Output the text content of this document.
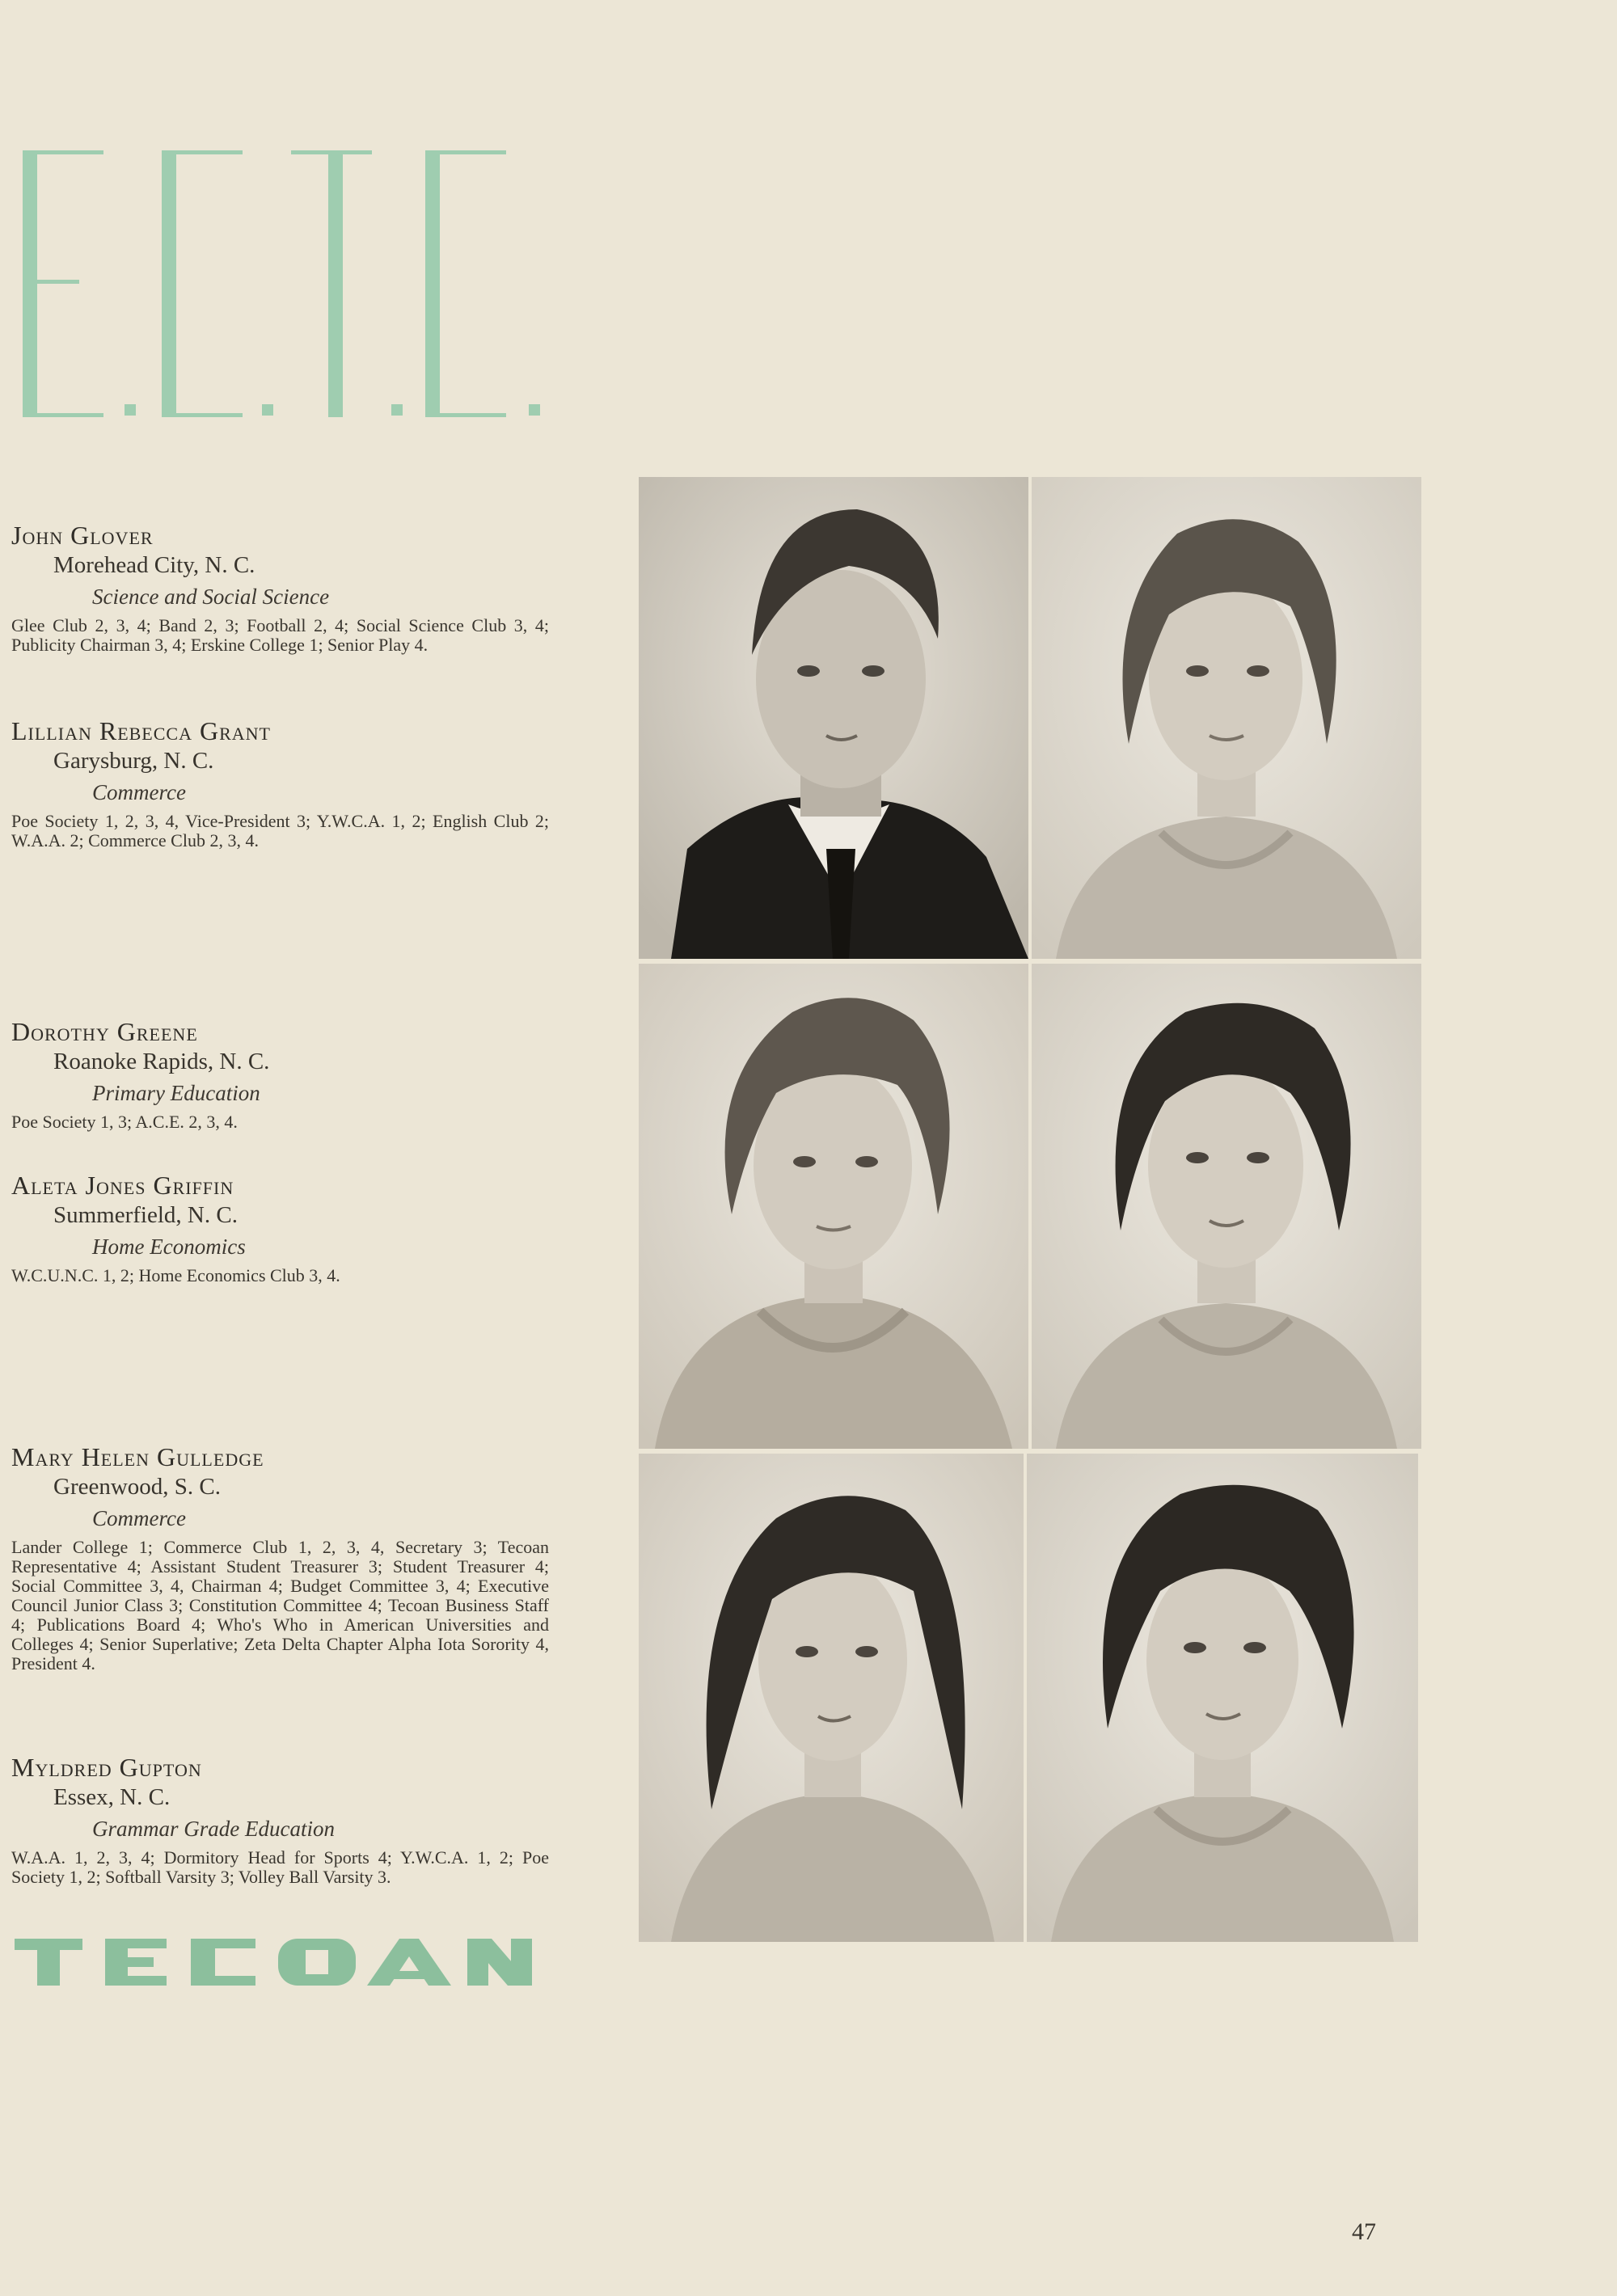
John Glover
Morehead City, N. C.
Science and Social Science
Glee Club 2, 3, 4; Band 2, 3; Football 2, 4; Social Science Club 3, 4; Publicity Chairman 3, 4; Erskine College 1; Senior Play 4.
Lillian Rebecca Grant
Garysburg, N. C.
Commerce
Poe Society 1, 2, 3, 4, Vice-President 3; Y.W.C.A. 1, 2; English Club 2; W.A.A. 2; Commerce Club 2, 3, 4.
Dorothy Greene
Roanoke Rapids, N. C.
Primary Education
Poe Society 1, 3; A.C.E. 2, 3, 4.
Aleta Jones Griffin
Summerfield, N. C.
Home Economics
W.C.U.N.C. 1, 2; Home Economics Club 3, 4.
Mary Helen Gulledge
Greenwood, S. C.
Commerce
Lander College 1; Commerce Club 1, 2, 3, 4, Secretary 3; Tecoan Representative 4; Assistant Student Treasurer 3; Student Treasurer 4; Social Committee 3, 4, Chairman 4; Budget Committee 3, 4; Executive Council Junior Class 3; Constitution Committee 4; Tecoan Business Staff 4; Publications Board 4; Who's Who in American Universities and Colleges 4; Senior Superlative; Zeta Delta Chapter Alpha Iota Sorority 4, President 4.
Myldred Gupton
Essex, N. C.
Grammar Grade Education
W.A.A. 1, 2, 3, 4; Dormitory Head for Sports 4; Y.W.C.A. 1, 2; Poe Society 1, 2; Softball Varsity 3; Volley Ball Varsity 3.
47
